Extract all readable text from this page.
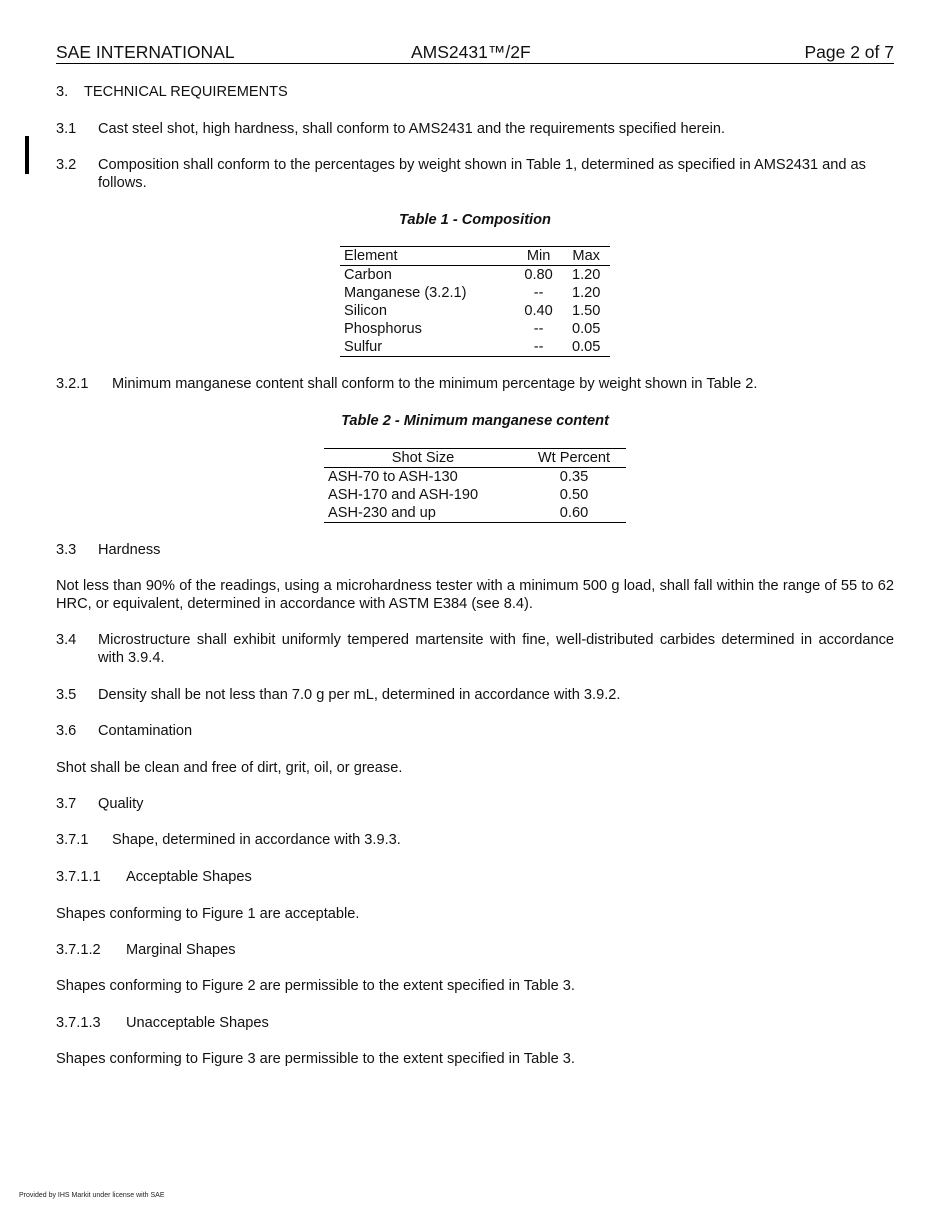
SAE INTERNATIONAL	AMS2431™/2F	Page 2 of 7
3. TECHNICAL REQUIREMENTS
3.1 Cast steel shot, high hardness, shall conform to AMS2431 and the requirements specified herein.
3.2 Composition shall conform to the percentages by weight shown in Table 1, determined as specified in AMS2431 and as follows.
Table 1 - Composition
Element	Min	Max
Carbon	0.80	1.20
Manganese (3.2.1)	--	1.20
Silicon	0.40	1.50
Phosphorus	--	0.05
Sulfur	--	0.05
3.2.1 Minimum manganese content shall conform to the minimum percentage by weight shown in Table 2.
Table 2 - Minimum manganese content
Shot Size	Wt Percent
ASH-70 to ASH-130	0.35
ASH-170 and ASH-190	0.50
ASH-230 and up	0.60
3.3 Hardness
Not less than 90% of the readings, using a microhardness tester with a minimum 500 g load, shall fall within the range of 55 to 62 HRC, or equivalent, determined in accordance with ASTM E384 (see 8.4).
3.4 Microstructure shall exhibit uniformly tempered martensite with fine, well-distributed carbides determined in accordance with 3.9.4.
3.5 Density shall be not less than 7.0 g per mL, determined in accordance with 3.9.2.
3.6 Contamination
Shot shall be clean and free of dirt, grit, oil, or grease.
3.7 Quality
3.7.1 Shape, determined in accordance with 3.9.3.
3.7.1.1 Acceptable Shapes
Shapes conforming to Figure 1 are acceptable.
3.7.1.2 Marginal Shapes
Shapes conforming to Figure 2 are permissible to the extent specified in Table 3.
3.7.1.3 Unacceptable Shapes
Shapes conforming to Figure 3 are permissible to the extent specified in Table 3.
Provided by IHS Markit under license with SAE
